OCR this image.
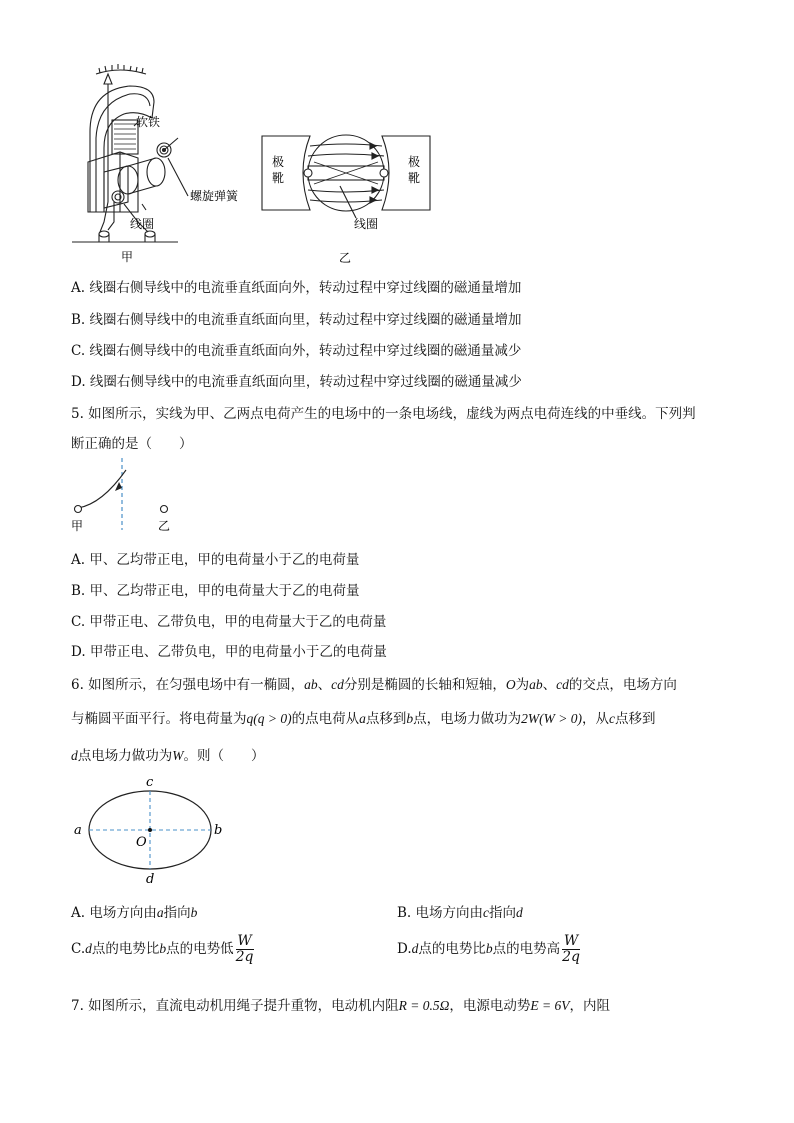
软铁
螺旋弹簧
线圈
甲
极靴
极靴
线圈
乙
A. 线圈右侧导线中的电流垂直纸面向外，转动过程中穿过线圈的磁通量增加
B. 线圈右侧导线中的电流垂直纸面向里，转动过程中穿过线圈的磁通量增加
C. 线圈右侧导线中的电流垂直纸面向外，转动过程中穿过线圈的磁通量减少
D. 线圈右侧导线中的电流垂直纸面向里，转动过程中穿过线圈的磁通量减少
5. 如图所示，实线为甲、乙两点电荷产生的电场中的一条电场线，虚线为两点电荷连线的中垂线。下列判
断正确的是（　　）
甲	乙
A. 甲、乙均带正电，甲的电荷量小于乙的电荷量
B. 甲、乙均带正电，甲的电荷量大于乙的电荷量
C. 甲带正电、乙带负电，甲的电荷量大于乙的电荷量
D. 甲带正电、乙带负电，甲的电荷量小于乙的电荷量
6. 如图所示，在匀强电场中有一椭圆，ab、cd分别是椭圆的长轴和短轴，O为ab、cd的交点，电场方向
与椭圆平面平行。将电荷量为q(q > 0)的点电荷从a点移到b点，电场力做功为2W(W > 0)，从c点移到
d点电场力做功为W。则（　　）
a	b
c
d
O
A. 电场方向由a指向b	B. 电场方向由c指向d
C.d点的电势比b点的电势低 $\frac{W}{2q}$	D.d点的电势比b点的电势高 $\frac{W}{2q}$
7. 如图所示，直流电动机用绳子提升重物，电动机内阻R = 0.5Ω，电源电动势E = 6V，内阻
